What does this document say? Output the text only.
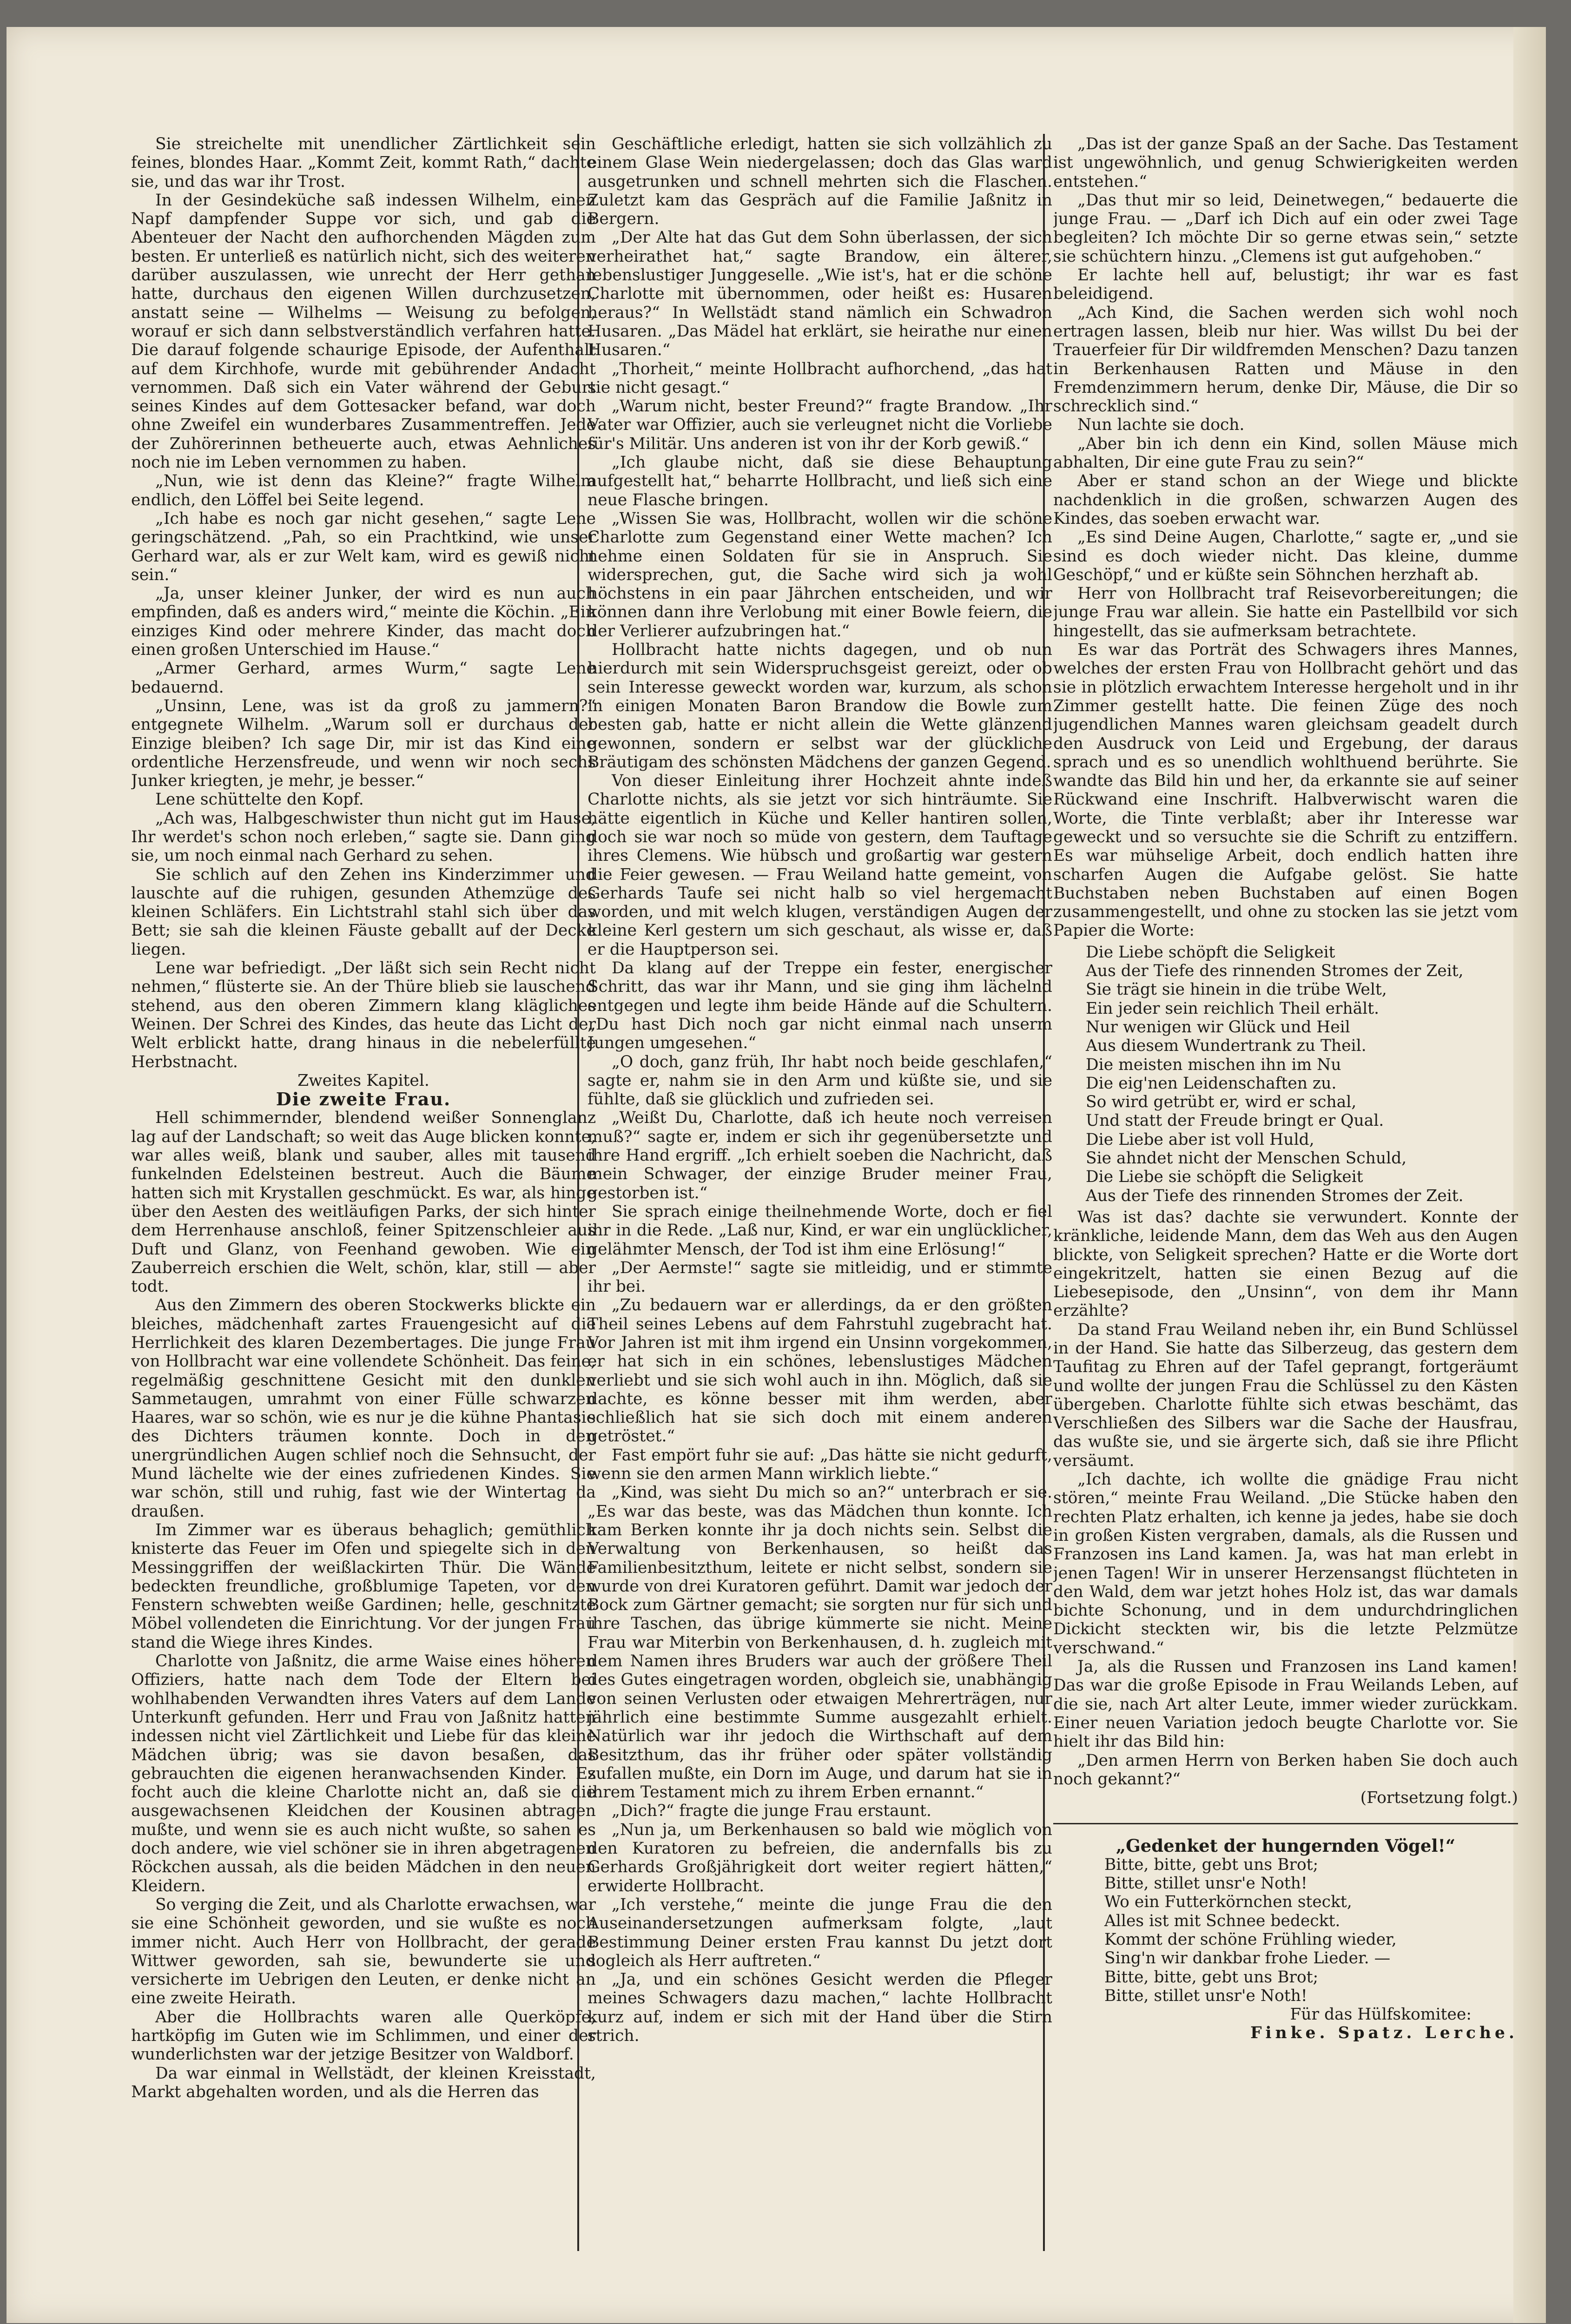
Sie streichelte mit unendlicher Zärtlichkeit sein feines, blondes Haar. „Kommt Zeit, kommt Rath,“ dachte sie, und das war ihr Trost.

In der Gesindeküche saß indessen Wilhelm, einen Napf dampfender Suppe vor sich, und gab die Abenteuer der Nacht den aufhorchenden Mägden zum besten. Er unterließ es natürlich nicht, sich des weiteren darüber auszulassen, wie unrecht der Herr gethan hatte, durchaus den eigenen Willen durchzusetzen, anstatt seine — Wilhelms — Weisung zu befolgen, worauf er sich dann selbstverständlich verfahren hatte. Die darauf folgende schaurige Episode, der Aufenthalt auf dem Kirchhofe, wurde mit gebührender Andacht vernommen. Daß sich ein Vater während der Geburt seines Kindes auf dem Gottesacker befand, war doch ohne Zweifel ein wunderbares Zusammentreffen. Jede der Zuhörerinnen betheuerte auch, etwas Aehnliches noch nie im Leben vernommen zu haben.

„Nun, wie ist denn das Kleine?“ fragte Wilhelm endlich, den Löffel bei Seite legend.

„Ich habe es noch gar nicht gesehen,“ sagte Lene geringschätzend. „Pah, so ein Prachtkind, wie unser Gerhard war, als er zur Welt kam, wird es gewiß nicht sein.“

„Ja, unser kleiner Junker, der wird es nun auch empfinden, daß es anders wird,“ meinte die Köchin. „Ein einziges Kind oder mehrere Kinder, das macht doch einen großen Unterschied im Hause.“

„Armer Gerhard, armes Wurm,“ sagte Lene bedauernd.

„Unsinn, Lene, was ist da groß zu jammern?“ entgegnete Wilhelm. „Warum soll er durchaus der Einzige bleiben? Ich sage Dir, mir ist das Kind eine ordentliche Herzensfreude, und wenn wir noch sechs Junker kriegten, je mehr, je besser.“

Lene schüttelte den Kopf.

„Ach was, Halbgeschwister thun nicht gut im Hause, Ihr werdet's schon noch erleben,“ sagte sie. Dann ging sie, um noch einmal nach Gerhard zu sehen.

Sie schlich auf den Zehen ins Kinderzimmer und lauschte auf die ruhigen, gesunden Athemzüge des kleinen Schläfers. Ein Lichtstrahl stahl sich über das Bett; sie sah die kleinen Fäuste geballt auf der Decke liegen.

Lene war befriedigt. „Der läßt sich sein Recht nicht nehmen,“ flüsterte sie. An der Thüre blieb sie lauschend stehend, aus den oberen Zimmern klang klägliches Weinen. Der Schrei des Kindes, das heute das Licht der Welt erblickt hatte, drang hinaus in die nebelerfüllte Herbstnacht.

Zweites Kapitel.

Die zweite Frau.

Hell schimmernder, blendend weißer Sonnenglanz lag auf der Landschaft; so weit das Auge blicken konnte, war alles weiß, blank und sauber, alles mit tausend funkelnden Edelsteinen bestreut. Auch die Bäume hatten sich mit Krystallen geschmückt. Es war, als hinge über den Aesten des weitläufigen Parks, der sich hinter dem Herrenhause anschloß, feiner Spitzenschleier aus Duft und Glanz, von Feenhand gewoben. Wie ein Zauberreich erschien die Welt, schön, klar, still — aber todt.

Aus den Zimmern des oberen Stockwerks blickte ein bleiches, mädchenhaft zartes Frauengesicht auf die Herrlichkeit des klaren Dezembertages. Die junge Frau von Hollbracht war eine vollendete Schönheit. Das feine, regelmäßig geschnittene Gesicht mit den dunklen Sammetaugen, umrahmt von einer Fülle schwarzen Haares, war so schön, wie es nur je die kühne Phantasie des Dichters träumen konnte. Doch in den unergründlichen Augen schlief noch die Sehnsucht, der Mund lächelte wie der eines zufriedenen Kindes. Sie war schön, still und ruhig, fast wie der Wintertag da draußen.

Im Zimmer war es überaus behaglich; gemüthlich knisterte das Feuer im Ofen und spiegelte sich in den Messinggriffen der weißlackirten Thür. Die Wände bedeckten freundliche, großblumige Tapeten, vor den Fenstern schwebten weiße Gardinen; helle, geschnitzte Möbel vollendeten die Einrichtung. Vor der jungen Frau stand die Wiege ihres Kindes.

Charlotte von Jaßnitz, die arme Waise eines höheren Offiziers, hatte nach dem Tode der Eltern bei wohlhabenden Verwandten ihres Vaters auf dem Lande Unterkunft gefunden. Herr und Frau von Jaßnitz hatten indessen nicht viel Zärtlichkeit und Liebe für das kleine Mädchen übrig; was sie davon besaßen, das gebrauchten die eigenen heranwachsenden Kinder. Es focht auch die kleine Charlotte nicht an, daß sie die ausgewachsenen Kleidchen der Kousinen abtragen mußte, und wenn sie es auch nicht wußte, so sahen es doch andere, wie viel schöner sie in ihren abgetragenen Röckchen aussah, als die beiden Mädchen in den neuen Kleidern.

So verging die Zeit, und als Charlotte erwachsen, war sie eine Schönheit geworden, und sie wußte es noch immer nicht. Auch Herr von Hollbracht, der gerade Wittwer geworden, sah sie, bewunderte sie und versicherte im Uebrigen den Leuten, er denke nicht an eine zweite Heirath.

Aber die Hollbrachts waren alle Querköpfe, hartköpfig im Guten wie im Schlimmen, und einer der wunderlichsten war der jetzige Besitzer von Waldborf.

Da war einmal in Wellstädt, der kleinen Kreisstadt, Markt abgehalten worden, und als die Herren das

Geschäftliche erledigt, hatten sie sich vollzählich zu einem Glase Wein niedergelassen; doch das Glas ward ausgetrunken und schnell mehrten sich die Flaschen. Zuletzt kam das Gespräch auf die Familie Jaßnitz in Bergern.

„Der Alte hat das Gut dem Sohn überlassen, der sich verheirathet hat,“ sagte Brandow, ein älterer, lebenslustiger Junggeselle. „Wie ist's, hat er die schöne Charlotte mit übernommen, oder heißt es: Husaren heraus?“ In Wellstädt stand nämlich ein Schwadron Husaren. „Das Mädel hat erklärt, sie heirathe nur einen Husaren.“

„Thorheit,“ meinte Hollbracht aufhorchend, „das hat sie nicht gesagt.“

„Warum nicht, bester Freund?“ fragte Brandow. „Ihr Vater war Offizier, auch sie verleugnet nicht die Vorliebe für's Militär. Uns anderen ist von ihr der Korb gewiß.“

„Ich glaube nicht, daß sie diese Behauptung aufgestellt hat,“ beharrte Hollbracht, und ließ sich eine neue Flasche bringen.

„Wissen Sie was, Hollbracht, wollen wir die schöne Charlotte zum Gegenstand einer Wette machen? Ich nehme einen Soldaten für sie in Anspruch. Sie widersprechen, gut, die Sache wird sich ja wohl höchstens in ein paar Jährchen entscheiden, und wir können dann ihre Verlobung mit einer Bowle feiern, die der Verlierer aufzubringen hat.“

Hollbracht hatte nichts dagegen, und ob nun hierdurch mit sein Widerspruchsgeist gereizt, oder ob sein Interesse geweckt worden war, kurzum, als schon in einigen Monaten Baron Brandow die Bowle zum besten gab, hatte er nicht allein die Wette glänzend gewonnen, sondern er selbst war der glückliche Bräutigam des schönsten Mädchens der ganzen Gegend.

Von dieser Einleitung ihrer Hochzeit ahnte indeß Charlotte nichts, als sie jetzt vor sich hinträumte. Sie hätte eigentlich in Küche und Keller hantiren sollen, doch sie war noch so müde von gestern, dem Tauftage ihres Clemens. Wie hübsch und großartig war gestern die Feier gewesen. — Frau Weiland hatte gemeint, von Gerhards Taufe sei nicht halb so viel hergemacht worden, und mit welch klugen, verständigen Augen der kleine Kerl gestern um sich geschaut, als wisse er, daß er die Hauptperson sei.

Da klang auf der Treppe ein fester, energischer Schritt, das war ihr Mann, und sie ging ihm lächelnd entgegen und legte ihm beide Hände auf die Schultern. „Du hast Dich noch gar nicht einmal nach unserm Jungen umgesehen.“

„O doch, ganz früh, Ihr habt noch beide geschlafen,“ sagte er, nahm sie in den Arm und küßte sie, und sie fühlte, daß sie glücklich und zufrieden sei.

„Weißt Du, Charlotte, daß ich heute noch verreisen muß?“ sagte er, indem er sich ihr gegenübersetzte und ihre Hand ergriff. „Ich erhielt soeben die Nachricht, daß mein Schwager, der einzige Bruder meiner Frau, gestorben ist.“

Sie sprach einige theilnehmende Worte, doch er fiel ihr in die Rede. „Laß nur, Kind, er war ein unglücklicher, gelähmter Mensch, der Tod ist ihm eine Erlösung!“

„Der Aermste!“ sagte sie mitleidig, und er stimmte ihr bei.

„Zu bedauern war er allerdings, da er den größten Theil seines Lebens auf dem Fahrstuhl zugebracht hat. Vor Jahren ist mit ihm irgend ein Unsinn vorgekommen, er hat sich in ein schönes, lebenslustiges Mädchen verliebt und sie sich wohl auch in ihn. Möglich, daß sie dachte, es könne besser mit ihm werden, aber schließlich hat sie sich doch mit einem anderen getröstet.“

Fast empört fuhr sie auf: „Das hätte sie nicht gedurft, wenn sie den armen Mann wirklich liebte.“

„Kind, was sieht Du mich so an?“ unterbrach er sie. „Es war das beste, was das Mädchen thun konnte. Ich kam Berken konnte ihr ja doch nichts sein. Selbst die Verwaltung von Berkenhausen, so heißt das Familienbesitzthum, leitete er nicht selbst, sondern sie wurde von drei Kuratoren geführt. Damit war jedoch der Bock zum Gärtner gemacht; sie sorgten nur für sich und ihre Taschen, das übrige kümmerte sie nicht. Meine Frau war Miterbin von Berkenhausen, d. h. zugleich mit dem Namen ihres Bruders war auch der größere Theil des Gutes eingetragen worden, obgleich sie, unabhängig von seinen Verlusten oder etwaigen Mehrerträgen, nur jährlich eine bestimmte Summe ausgezahlt erhielt. Natürlich war ihr jedoch die Wirthschaft auf dem Besitzthum, das ihr früher oder später vollständig zufallen mußte, ein Dorn im Auge, und darum hat sie in ihrem Testament mich zu ihrem Erben ernannt.“

„Dich?“ fragte die junge Frau erstaunt.

„Nun ja, um Berkenhausen so bald wie möglich von den Kuratoren zu befreien, die andernfalls bis zu Gerhards Großjährigkeit dort weiter regiert hätten,“ erwiderte Hollbracht.

„Ich verstehe,“ meinte die junge Frau die den Auseinandersetzungen aufmerksam folgte, „laut Bestimmung Deiner ersten Frau kannst Du jetzt dort sogleich als Herr auftreten.“

„Ja, und ein schönes Gesicht werden die Pfleger meines Schwagers dazu machen,“ lachte Hollbracht kurz auf, indem er sich mit der Hand über die Stirn strich.

„Das ist der ganze Spaß an der Sache. Das Testament ist ungewöhnlich, und genug Schwierigkeiten werden entstehen.“

„Das thut mir so leid, Deinetwegen,“ bedauerte die junge Frau. — „Darf ich Dich auf ein oder zwei Tage begleiten? Ich möchte Dir so gerne etwas sein,“ setzte sie schüchtern hinzu. „Clemens ist gut aufgehoben.“

Er lachte hell auf, belustigt; ihr war es fast beleidigend.

„Ach Kind, die Sachen werden sich wohl noch ertragen lassen, bleib nur hier. Was willst Du bei der Trauerfeier für Dir wildfremden Menschen? Dazu tanzen in Berkenhausen Ratten und Mäuse in den Fremdenzimmern herum, denke Dir, Mäuse, die Dir so schrecklich sind.“

Nun lachte sie doch.

„Aber bin ich denn ein Kind, sollen Mäuse mich abhalten, Dir eine gute Frau zu sein?“

Aber er stand schon an der Wiege und blickte nachdenklich in die großen, schwarzen Augen des Kindes, das soeben erwacht war.

„Es sind Deine Augen, Charlotte,“ sagte er, „und sie sind es doch wieder nicht. Das kleine, dumme Geschöpf,“ und er küßte sein Söhnchen herzhaft ab.

Herr von Hollbracht traf Reisevorbereitungen; die junge Frau war allein. Sie hatte ein Pastellbild vor sich hingestellt, das sie aufmerksam betrachtete.

Es war das Porträt des Schwagers ihres Mannes, welches der ersten Frau von Hollbracht gehört und das sie in plötzlich erwachtem Interesse hergeholt und in ihr Zimmer gestellt hatte. Die feinen Züge des noch jugendlichen Mannes waren gleichsam geadelt durch den Ausdruck von Leid und Ergebung, der daraus sprach und es so unendlich wohlthuend berührte. Sie wandte das Bild hin und her, da erkannte sie auf seiner Rückwand eine Inschrift. Halbverwischt waren die Worte, die Tinte verblaßt; aber ihr Interesse war geweckt und so versuchte sie die Schrift zu entziffern. Es war mühselige Arbeit, doch endlich hatten ihre scharfen Augen die Aufgabe gelöst. Sie hatte Buchstaben neben Buchstaben auf einen Bogen zusammengestellt, und ohne zu stocken las sie jetzt vom Papier die Worte:

Die Liebe schöpft die Seligkeit
Aus der Tiefe des rinnenden Stromes der Zeit,
Sie trägt sie hinein in die trübe Welt,
Ein jeder sein reichlich Theil erhält.
Nur wenigen wir Glück und Heil
Aus diesem Wundertrank zu Theil.
Die meisten mischen ihn im Nu
Die eig'nen Leidenschaften zu.
So wird getrübt er, wird er schal,
Und statt der Freude bringt er Qual.
Die Liebe aber ist voll Huld,
Sie ahndet nicht der Menschen Schuld,
Die Liebe sie schöpft die Seligkeit
Aus der Tiefe des rinnenden Stromes der Zeit.

Was ist das? dachte sie verwundert. Konnte der kränkliche, leidende Mann, dem das Weh aus den Augen blickte, von Seligkeit sprechen? Hatte er die Worte dort eingekritzelt, hatten sie einen Bezug auf die Liebesepisode, den „Unsinn“, von dem ihr Mann erzählte?

Da stand Frau Weiland neben ihr, ein Bund Schlüssel in der Hand. Sie hatte das Silberzeug, das gestern dem Taufitag zu Ehren auf der Tafel geprangt, fortgeräumt und wollte der jungen Frau die Schlüssel zu den Kästen übergeben. Charlotte fühlte sich etwas beschämt, das Verschließen des Silbers war die Sache der Hausfrau, das wußte sie, und sie ärgerte sich, daß sie ihre Pflicht versäumt.

„Ich dachte, ich wollte die gnädige Frau nicht stören,“ meinte Frau Weiland. „Die Stücke haben den rechten Platz erhalten, ich kenne ja jedes, habe sie doch in großen Kisten vergraben, damals, als die Russen und Franzosen ins Land kamen. Ja, was hat man erlebt in jenen Tagen! Wir in unserer Herzensangst flüchteten in den Wald, dem war jetzt hohes Holz ist, das war damals bichte Schonung, und in dem undurchdringlichen Dickicht steckten wir, bis die letzte Pelzmütze verschwand.“

Ja, als die Russen und Franzosen ins Land kamen! Das war die große Episode in Frau Weilands Leben, auf die sie, nach Art alter Leute, immer wieder zurückkam. Einer neuen Variation jedoch beugte Charlotte vor. Sie hielt ihr das Bild hin:

„Den armen Herrn von Berken haben Sie doch auch noch gekannt?“

(Fortsetzung folgt.)

„Gedenket der hungernden Vögel!“

Bitte, bitte, gebt uns Brot;
Bitte, stillet unsr'e Noth!
Wo ein Futterkörnchen steckt,
Alles ist mit Schnee bedeckt.
Kommt der schöne Frühling wieder,
Sing'n wir dankbar frohe Lieder. —
Bitte, bitte, gebt uns Brot;
Bitte, stillet unsr'e Noth!

Für das Hülfskomitee:

Finke. Spatz. Lerche.
